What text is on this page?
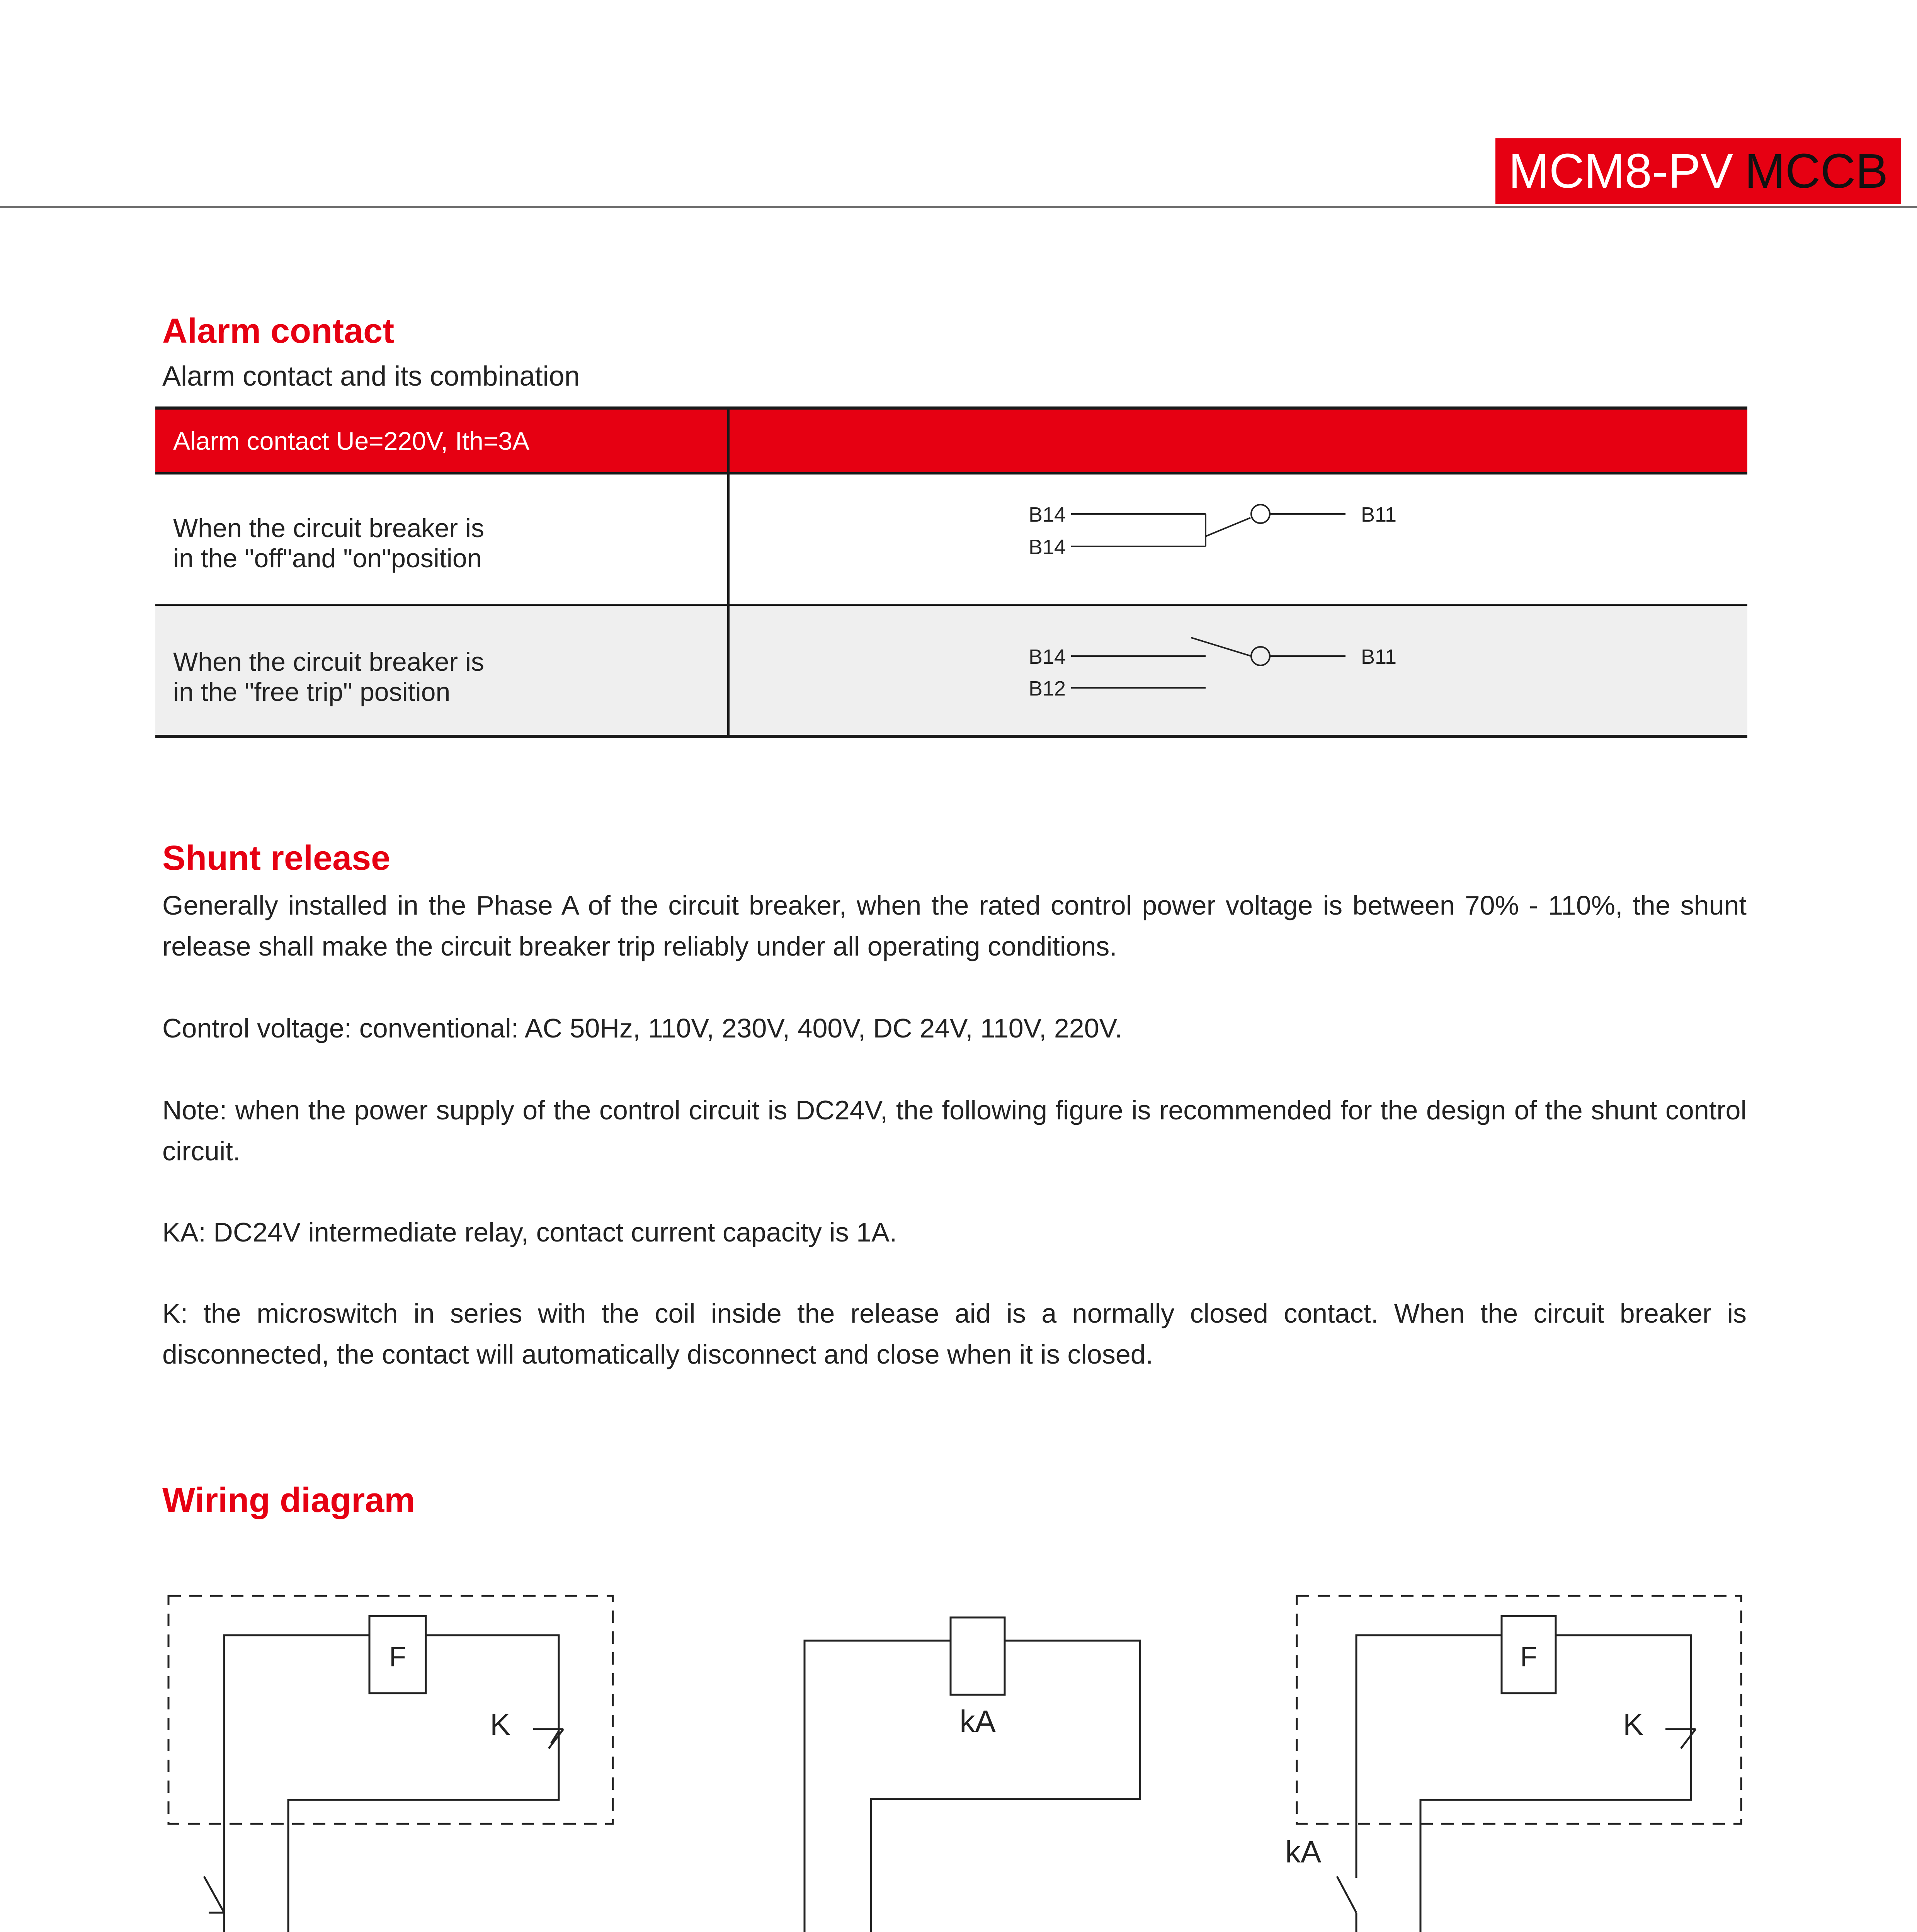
MCM8-PV MCCB
Alarm contact
Alarm contact and its combination
Alarm contact Ue=220V, Ith=3A
When the circuit breaker is
in the "off"and "on"position
B14
B14
B11
When the circuit breaker is
in the "free trip" position
B14
B12
B11
Shunt release
Generally installed in the Phase A of the circuit breaker, when the rated control power voltage is between 70% - 110%, the shunt release shall make the circuit breaker trip reliably under all operating conditions.
Control voltage: conventional: AC 50Hz, 110V, 230V, 400V, DC 24V, 110V, 220V.
Note: when the power supply of the control circuit is DC24V, the following figure is recommended for the design of the shunt control circuit.
KA: DC24V intermediate relay, contact current capacity is 1A.
K: the microswitch in series with the coil inside the release aid is a normally closed contact. When the circuit breaker is disconnected, the contact will automatically disconnect and close when it is closed.
Wiring diagram
F
K	kA
F
K
kA
